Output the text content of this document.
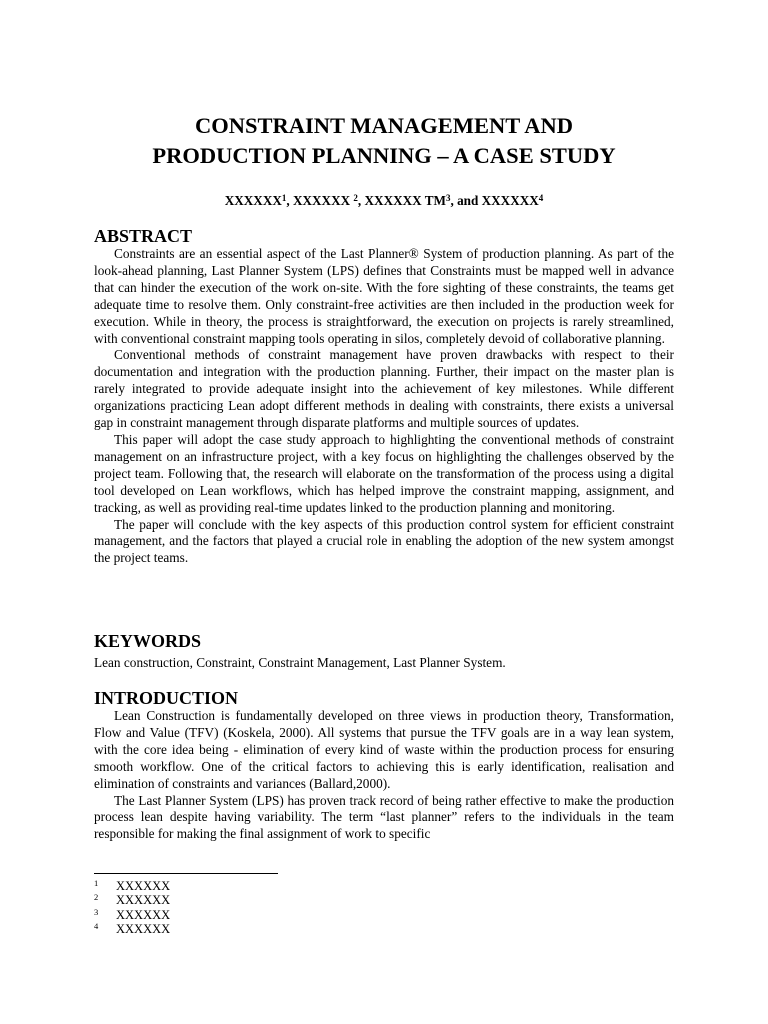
CONSTRAINT MANAGEMENT AND
PRODUCTION PLANNING – A CASE STUDY

XXXXXX$^1$, XXXXXX $^2$, XXXXXX $TM^3$, and XXXXXX$^4$

ABSTRACT

Constraints are an essential aspect of the Last Planner® System of production planning. As part of the look-ahead planning, Last Planner System (LPS) defines that Constraints must be mapped well in advance that can hinder the execution of the work on-site. With the fore sighting of these constraints, the teams get adequate time to resolve them. Only constraint-free activities are then included in the production week for execution. While in theory, the process is straightforward, the execution on projects is rarely streamlined, with conventional constraint mapping tools operating in silos, completely devoid of collaborative planning.

Conventional methods of constraint management have proven drawbacks with respect to their documentation and integration with the production planning. Further, their impact on the master plan is rarely integrated to provide adequate insight into the achievement of key milestones. While different organizations practicing Lean adopt different methods in dealing with constraints, there exists a universal gap in constraint management through disparate platforms and multiple sources of updates.

This paper will adopt the case study approach to highlighting the conventional methods of constraint management on an infrastructure project, with a key focus on highlighting the challenges observed by the project team. Following that, the research will elaborate on the transformation of the process using a digital tool developed on Lean workflows, which has helped improve the constraint mapping, assignment, and tracking, as well as providing real-time updates linked to the production planning and monitoring.

The paper will conclude with the key aspects of this production control system for efficient constraint management, and the factors that played a crucial role in enabling the adoption of the new system amongst the project teams.

KEYWORDS

Lean construction, Constraint, Constraint Management, Last Planner System.

INTRODUCTION

Lean Construction is fundamentally developed on three views in production theory, Transformation, Flow and Value (TFV) (Koskela, 2000). All systems that pursue the TFV goals are in a way lean system, with the core idea being - elimination of every kind of waste within the production process for ensuring smooth workflow. One of the critical factors to achieving this is early identification, realisation and elimination of constraints and variances (Ballard,2000).

The Last Planner System (LPS) has proven track record of being rather effective to make the production process lean despite having variability. The term “last planner” refers to the individuals in the team responsible for making the final assignment of work to specific

1 XXXXXX
2 XXXXXX
3 XXXXXX
4 XXXXXX
